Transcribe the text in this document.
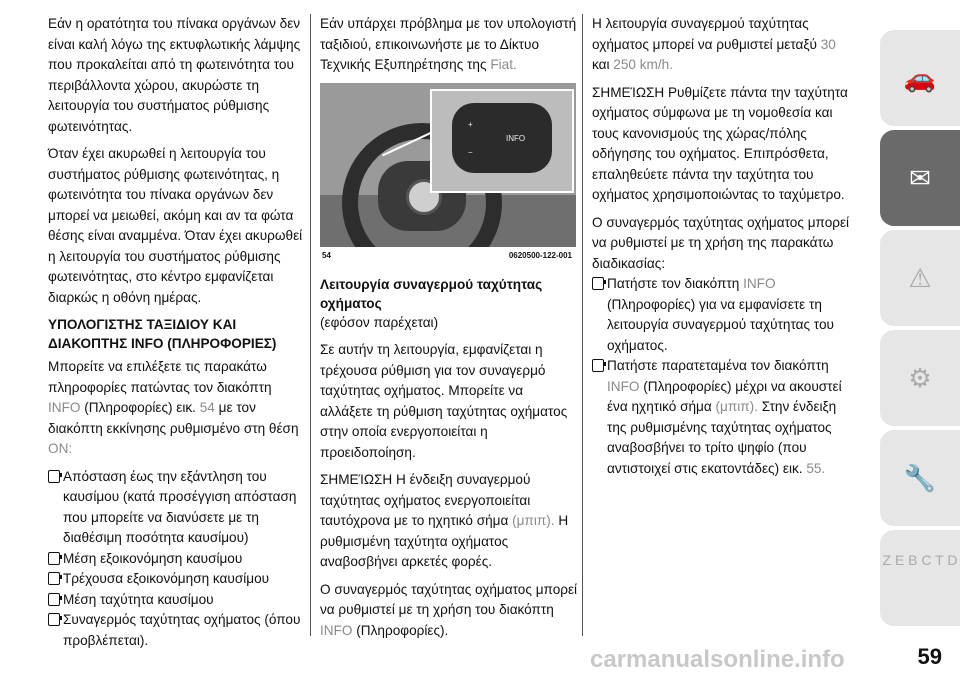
Εάν η ορατότητα του πίνακα οργάνων δεν είναι καλή λόγω της εκτυφλωτικής λάμψης που προκαλείται από τη φωτεινότητα του περιβάλλοντα χώρου, ακυρώστε τη λειτουργία του συστήματος ρύθμισης φωτεινότητας.

Όταν έχει ακυρωθεί η λειτουργία του συστήματος ρύθμισης φωτεινότητας, η φωτεινότητα του πίνακα οργάνων δεν μπορεί να μειωθεί, ακόμη και αν τα φώτα θέσης είναι αναμμένα. Όταν έχει ακυρωθεί η λειτουργία του συστήματος ρύθμισης φωτεινότητας, στο κέντρο εμφανίζεται διαρκώς η οθόνη ημέρας.

ΥΠΟΛΟΓΙΣΤΗΣ ΤΑΞΙΔΙΟΥ ΚΑΙ ΔΙΑΚΟΠΤΗΣ INFO (ΠΛΗΡΟΦΟΡΙΕΣ)

Μπορείτε να επιλέξετε τις παρακάτω πληροφορίες πατώντας τον διακόπτη INFO (Πληροφορίες) εικ. 54 με τον διακόπτη εκκίνησης ρυθμισμένο στη θέση ON:

Απόσταση έως την εξάντληση του καυσίμου (κατά προσέγγιση απόσταση που μπορείτε να διανύσετε με τη διαθέσιμη ποσότητα καυσίμου)
Μέση εξοικονόμηση καυσίμου
Τρέχουσα εξοικονόμηση καυσίμου
Μέση ταχύτητα καυσίμου
Συναγερμός ταχύτητας οχήματος (όπου προβλέπεται).

Εάν υπάρχει πρόβλημα με τον υπολογιστή ταξιδιού, επικοινωνήστε με το Δίκτυο Τεχνικής Εξυπηρέτησης της Fiat.

+
−
INFO
54	0620500-122-001
Λειτουργία συναγερμού ταχύτητας οχήματος

(εφόσον παρέχεται)

Σε αυτήν τη λειτουργία, εμφανίζεται η τρέχουσα ρύθμιση για τον συναγερμό ταχύτητας οχήματος. Μπορείτε να αλλάξετε τη ρύθμιση ταχύτητας οχήματος στην οποία ενεργοποιείται η προειδοποίηση.

ΣΗΜΕΊΩΣΗ Η ένδειξη συναγερμού ταχύτητας οχήματος ενεργοποιείται ταυτόχρονα με το ηχητικό σήμα (μπιπ). Η ρυθμισμένη ταχύτητα οχήματος αναβοσβήνει αρκετές φορές.

Ο συναγερμός ταχύτητας οχήματος μπορεί να ρυθμιστεί με τη χρήση του διακόπτη INFO (Πληροφορίες).

Η λειτουργία συναγερμού ταχύτητας οχήματος μπορεί να ρυθμιστεί μεταξύ 30 και 250 km/h.

ΣΗΜΕΊΩΣΗ Ρυθμίζετε πάντα την ταχύτητα οχήματος σύμφωνα με τη νομοθεσία και τους κανονισμούς της χώρας/πόλης οδήγησης του οχήματος. Επιπρόσθετα, επαληθεύετε πάντα την ταχύτητα του οχήματος χρησιμοποιώντας το ταχύμετρο.

Ο συναγερμός ταχύτητας οχήματος μπορεί να ρυθμιστεί με τη χρήση της παρακάτω διαδικασίας:

Πατήστε τον διακόπτη INFO (Πληροφορίες) για να εμφανίσετε τη λειτουργία συναγερμού ταχύτητας του οχήματος.
Πατήστε παρατεταμένα τον διακόπτη INFO (Πληροφορίες) μέχρι να ακουστεί ένα ηχητικό σήμα (μπιπ). Στην ένδειξη της ρυθμισμένης ταχύτητας οχήματος αναβοσβήνει το τρίτο ψηφίο (που αντιστοιχεί στις εκατοντάδες) εικ. 55.
🚗
✉
⚠
⚙
🔧
Z E B C T D
carmanualsonline.info	59
